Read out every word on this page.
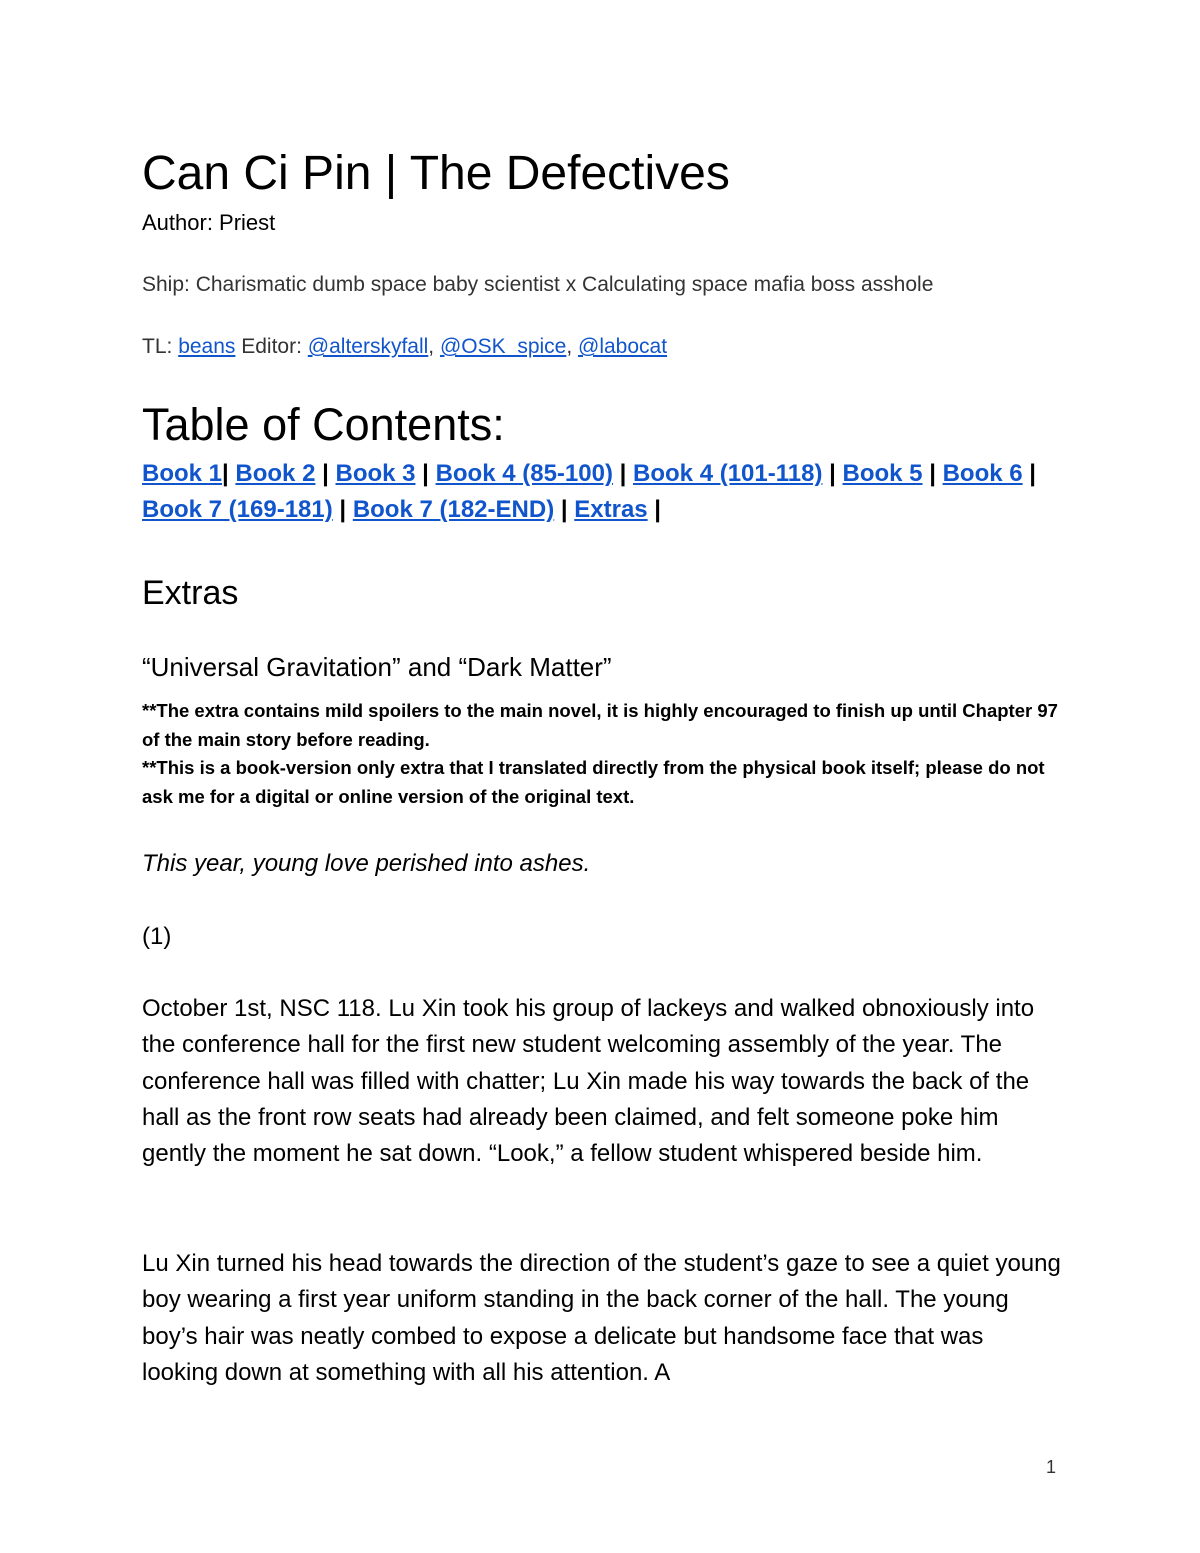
Can Ci Pin | The Defectives
Author: Priest
Ship: Charismatic dumb space baby scientist x Calculating space mafia boss asshole
TL: beans Editor: @alterskyfall, @OSK_spice, @labocat
Table of Contents:
Book 1| Book 2 | Book 3 | Book 4 (85-100) | Book 4 (101-118) | Book 5 | Book 6 | Book 7 (169-181) | Book 7 (182-END) | Extras |
Extras
“Universal Gravitation” and “Dark Matter”

**The extra contains mild spoilers to the main novel, it is highly encouraged to finish up until Chapter 97 of the main story before reading.

**This is a book-version only extra that I translated directly from the physical book itself; please do not ask me for a digital or online version of the original text.

This year, young love perished into ashes.
(1)

October 1st, NSC 118. Lu Xin took his group of lackeys and walked obnoxiously into the conference hall for the first new student welcoming assembly of the year. The conference hall was filled with chatter; Lu Xin made his way towards the back of the hall as the front row seats had already been claimed, and felt someone poke him gently the moment he sat down. “Look,” a fellow student whispered beside him.

Lu Xin turned his head towards the direction of the student’s gaze to see a quiet young boy wearing a first year uniform standing in the back corner of the hall. The young boy’s hair was neatly combed to expose a delicate but handsome face that was looking down at something with all his attention. A

1
